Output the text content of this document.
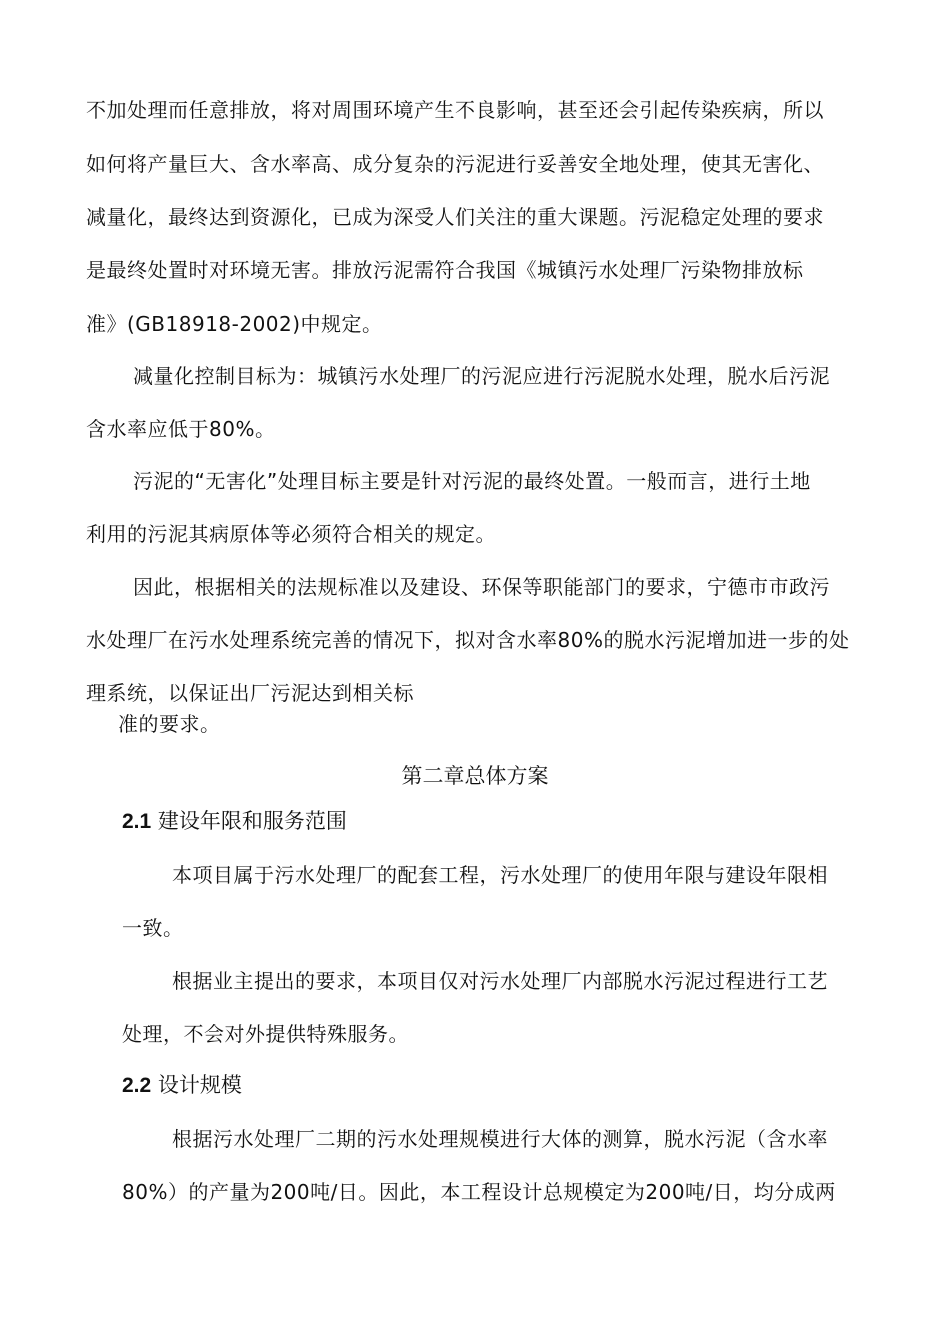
不加处理而任意排放，将对周围环境产生不良影响，甚至还会引起传染疾病，所以
如何将产量巨大、含水率高、成分复杂的污泥进行妥善安全地处理，使其无害化、
减量化，最终达到资源化，已成为深受人们关注的重大课题。污泥稳定处理的要求
是最终处置时对环境无害。排放污泥需符合我国《城镇污水处理厂污染物排放标
准》(GB18918-2002)中规定。
减量化控制目标为：城镇污水处理厂的污泥应进行污泥脱水处理，脱水后污泥
含水率应低于80%。
污泥的“无害化”处理目标主要是针对污泥的最终处置。一般而言，进行土地
利用的污泥其病原体等必须符合相关的规定。
因此，根据相关的法规标准以及建设、环保等职能部门的要求，宁德市市政污
水处理厂在污水处理系统完善的情况下，拟对含水率80%的脱水污泥增加进一步的处
理系统，以保证出厂污泥达到相关标
准的要求。
第二章总体方案
2.1 建设年限和服务范围
本项目属于污水处理厂的配套工程，污水处理厂的使用年限与建设年限相
一致。
根据业主提出的要求，本项目仅对污水处理厂内部脱水污泥过程进行工艺
处理，不会对外提供特殊服务。
2.2 设计规模
根据污水处理厂二期的污水处理规模进行大体的测算，脱水污泥（含水率
80%）的产量为200吨/日。因此，本工程设计总规模定为200吨/日，均分成两
